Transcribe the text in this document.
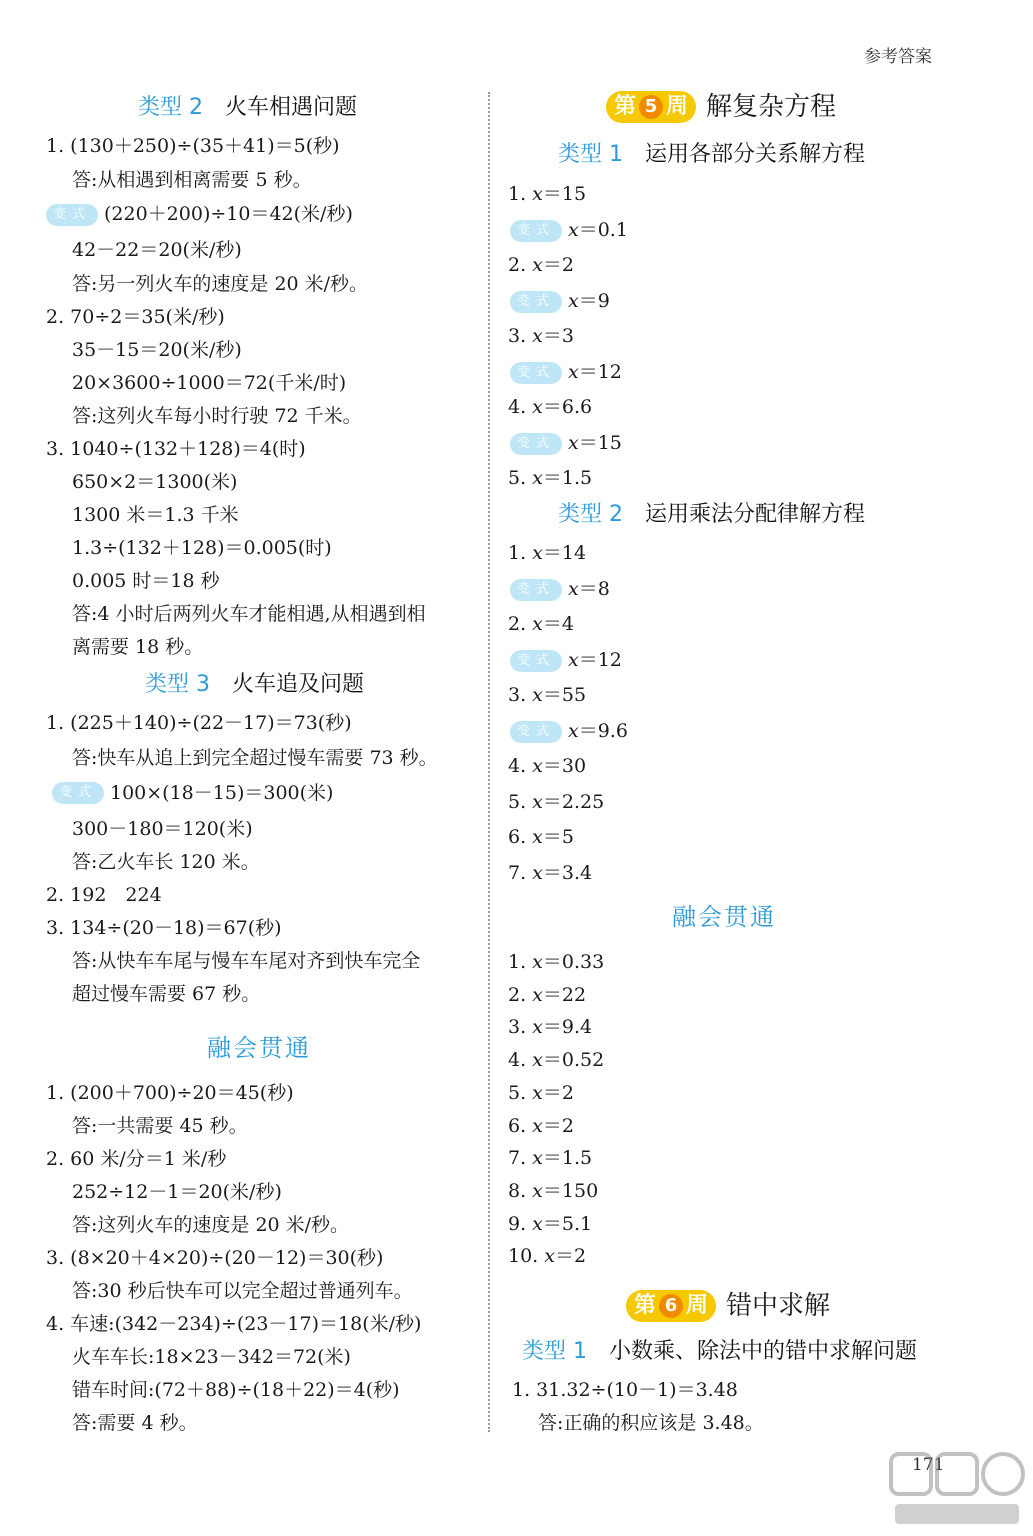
参考答案
类型 2 火车相遇问题
1. (130＋250)÷(35＋41)＝5(秒)
答:从相遇到相离需要 5 秒。
变式 (220＋200)÷10＝42(米/秒)
42－22＝20(米/秒)
答:另一列火车的速度是 20 米/秒。
2. 70÷2＝35(米/秒)
35－15＝20(米/秒)
20×3600÷1000＝72(千米/时)
答:这列火车每小时行驶 72 千米。
3. 1040÷(132＋128)＝4(时)
650×2＝1300(米)
1300 米＝1.3 千米
1.3÷(132＋128)＝0.005(时)
0.005 时＝18 秒
答:4 小时后两列火车才能相遇,从相遇到相
离需要 18 秒。
类型 3 火车追及问题
1. (225＋140)÷(22－17)＝73(秒)
答:快车从追上到完全超过慢车需要 73 秒。
变式 100×(18－15)＝300(米)
300－180＝120(米)
答:乙火车长 120 米。
2. 192　224
3. 134÷(20－18)＝67(秒)
答:从快车车尾与慢车车尾对齐到快车完全
超过慢车需要 67 秒。
融会贯通
1. (200＋700)÷20＝45(秒)
答:一共需要 45 秒。
2. 60 米/分＝1 米/秒
252÷12－1＝20(米/秒)
答:这列火车的速度是 20 米/秒。
3. (8×20＋4×20)÷(20－12)＝30(秒)
答:30 秒后快车可以完全超过普通列车。
4. 车速:(342－234)÷(23－17)＝18(米/秒)
火车车长:18×23－342＝72(米)
错车时间:(72＋88)÷(18＋22)＝4(秒)
答:需要 4 秒。
第 5 周 解复杂方程
类型 1 运用各部分关系解方程
1. x＝15
变式 x＝0.1
2. x＝2
变式 x＝9
3. x＝3
变式 x＝12
4. x＝6.6
变式 x＝15
5. x＝1.5
类型 2 运用乘法分配律解方程
1. x＝14
变式 x＝8
2. x＝4
变式 x＝12
3. x＝55
变式 x＝9.6
4. x＝30
5. x＝2.25
6. x＝5
7. x＝3.4
融会贯通
1. x＝0.33
2. x＝22
3. x＝9.4
4. x＝0.52
5. x＝2
6. x＝2
7. x＝1.5
8. x＝150
9. x＝5.1
10. x＝2
第 6 周 错中求解
类型 1 小数乘、除法中的错中求解问题
1. 31.32÷(10－1)＝3.48
答:正确的积应该是 3.48。
171
